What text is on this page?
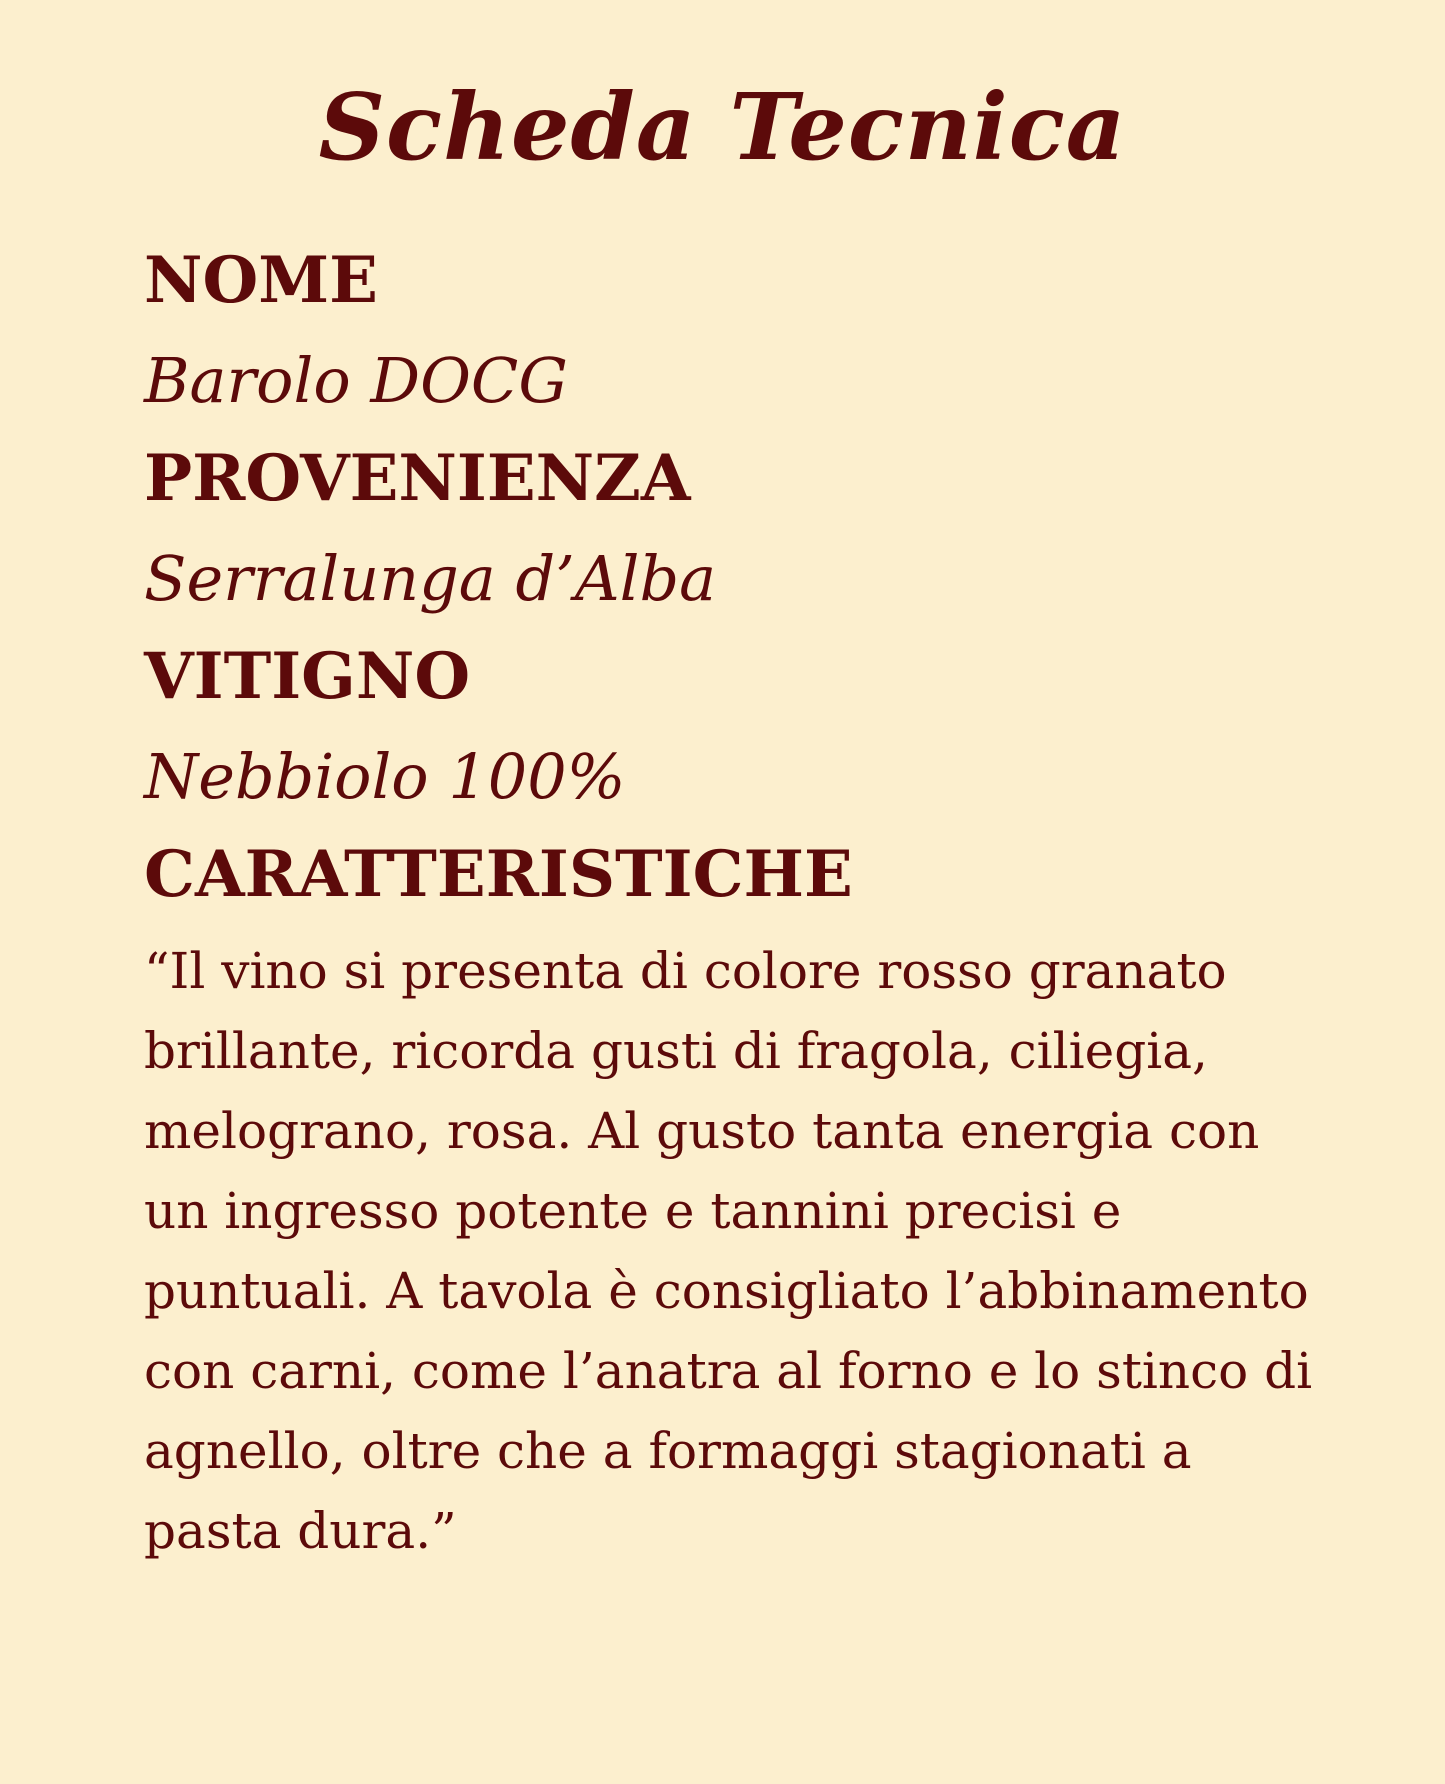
Scheda Tecnica

NOME

Barolo DOCG

PROVENIENZA

Serralunga d’Alba

VITIGNO

Nebbiolo 100%

CARATTERISTICHE

“Il vino si presenta di colore rosso granato brillante, ricorda gusti di fragola, ciliegia, melograno, rosa. Al gusto tanta energia con un ingresso potente e tannini precisi e puntuali. A tavola è consigliato l’abbinamento con carni, come l’anatra al forno e lo stinco di agnello, oltre che a formaggi stagionati a pasta dura.”
